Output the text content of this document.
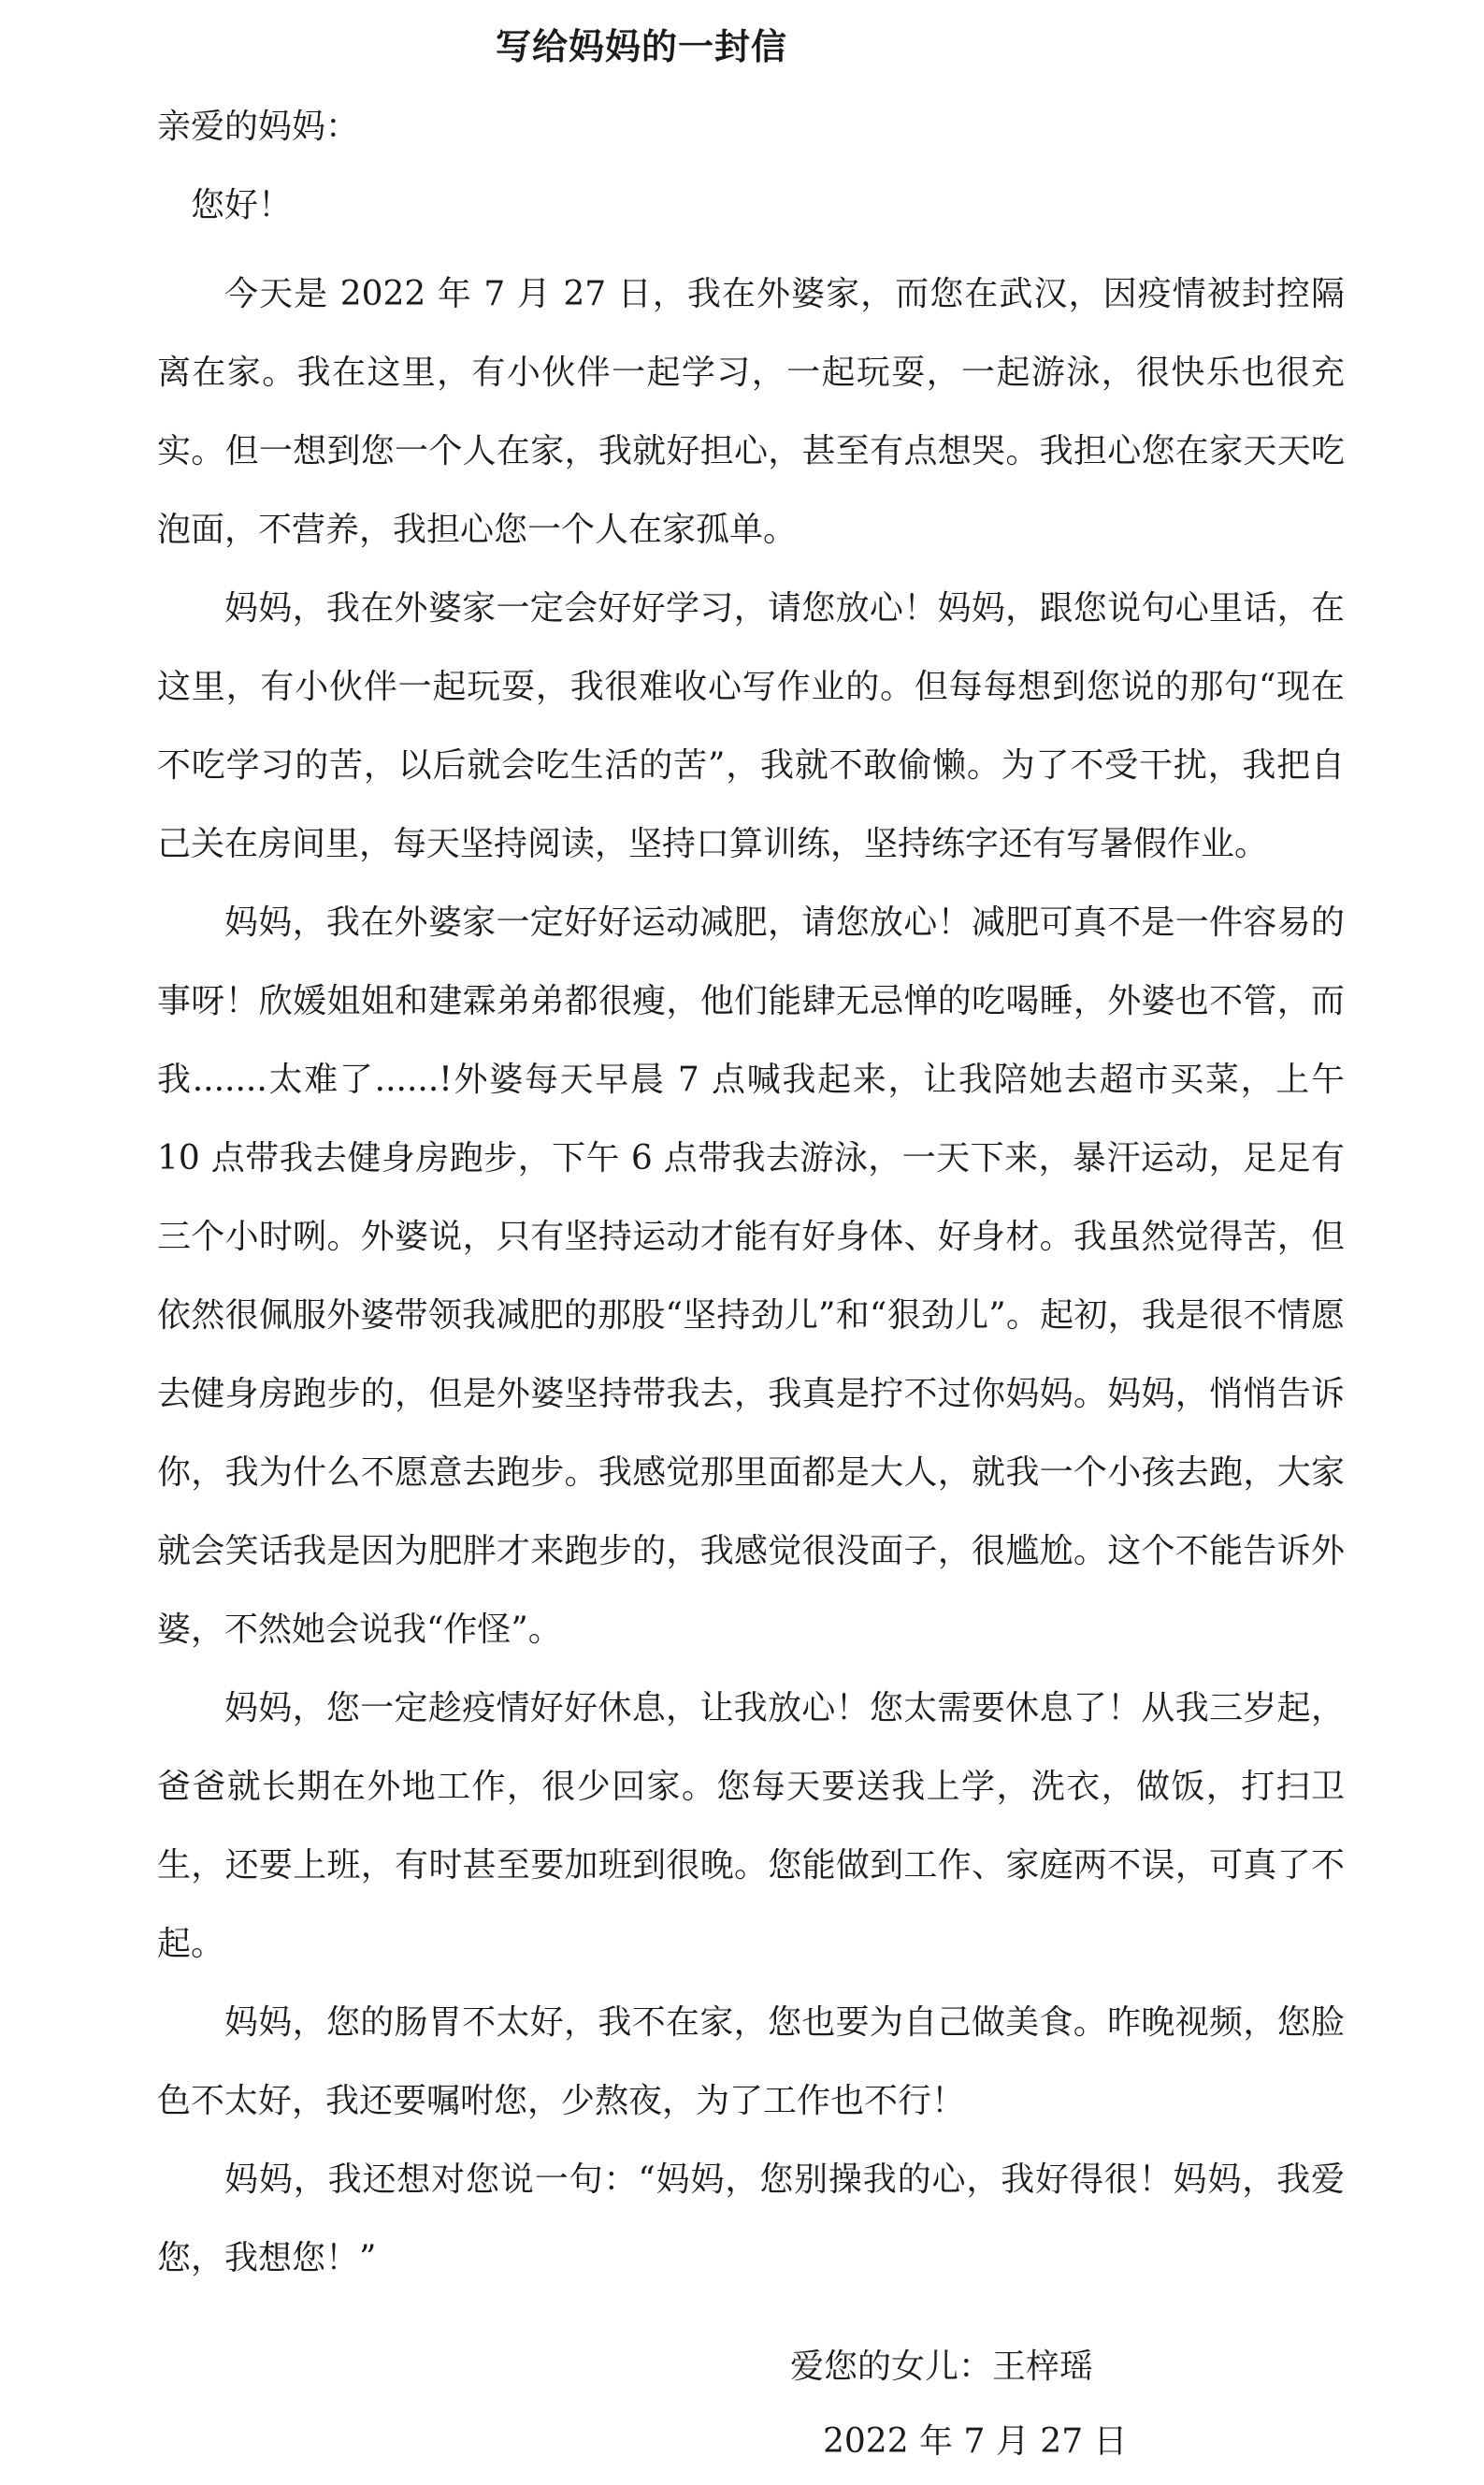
写给妈妈的一封信
亲爱的妈妈：
您好！

今天是 2022 年 7 月 27 日，我在外婆家，而您在武汉，因疫情被封控隔离在家。我在这里，有小伙伴一起学习，一起玩耍，一起游泳，很快乐也很充实。但一想到您一个人在家，我就好担心，甚至有点想哭。我担心您在家天天吃泡面，不营养，我担心您一个人在家孤单。

妈妈，我在外婆家一定会好好学习，请您放心！妈妈，跟您说句心里话，在这里，有小伙伴一起玩耍，我很难收心写作业的。但每每想到您说的那句“现在不吃学习的苦，以后就会吃生活的苦”，我就不敢偷懒。为了不受干扰，我把自己关在房间里，每天坚持阅读，坚持口算训练，坚持练字还有写暑假作业。

妈妈，我在外婆家一定好好运动减肥，请您放心！减肥可真不是一件容易的事呀！欣媛姐姐和建霖弟弟都很瘦，他们能肆无忌惮的吃喝睡，外婆也不管，而我.......太难了......!外婆每天早晨 7 点喊我起来，让我陪她去超市买菜，上午 10 点带我去健身房跑步，下午 6 点带我去游泳，一天下来，暴汗运动，足足有三个小时咧。外婆说，只有坚持运动才能有好身体、好身材。我虽然觉得苦，但依然很佩服外婆带领我减肥的那股“坚持劲儿”和“狠劲儿”。起初，我是很不情愿去健身房跑步的，但是外婆坚持带我去，我真是拧不过你妈妈。妈妈，悄悄告诉你，我为什么不愿意去跑步。我感觉那里面都是大人，就我一个小孩去跑，大家就会笑话我是因为肥胖才来跑步的，我感觉很没面子，很尴尬。这个不能告诉外婆，不然她会说我“作怪”。

妈妈，您一定趁疫情好好休息，让我放心！您太需要休息了！从我三岁起，爸爸就长期在外地工作，很少回家。您每天要送我上学，洗衣，做饭，打扫卫生，还要上班，有时甚至要加班到很晚。您能做到工作、家庭两不误，可真了不起。

妈妈，您的肠胃不太好，我不在家，您也要为自己做美食。昨晚视频，您脸色不太好，我还要嘱咐您，少熬夜，为了工作也不行！

妈妈，我还想对您说一句：“妈妈，您别操我的心，我好得很！妈妈，我爱您，我想您！”

爱您的女儿：王梓瑶
2022 年 7 月 27 日
